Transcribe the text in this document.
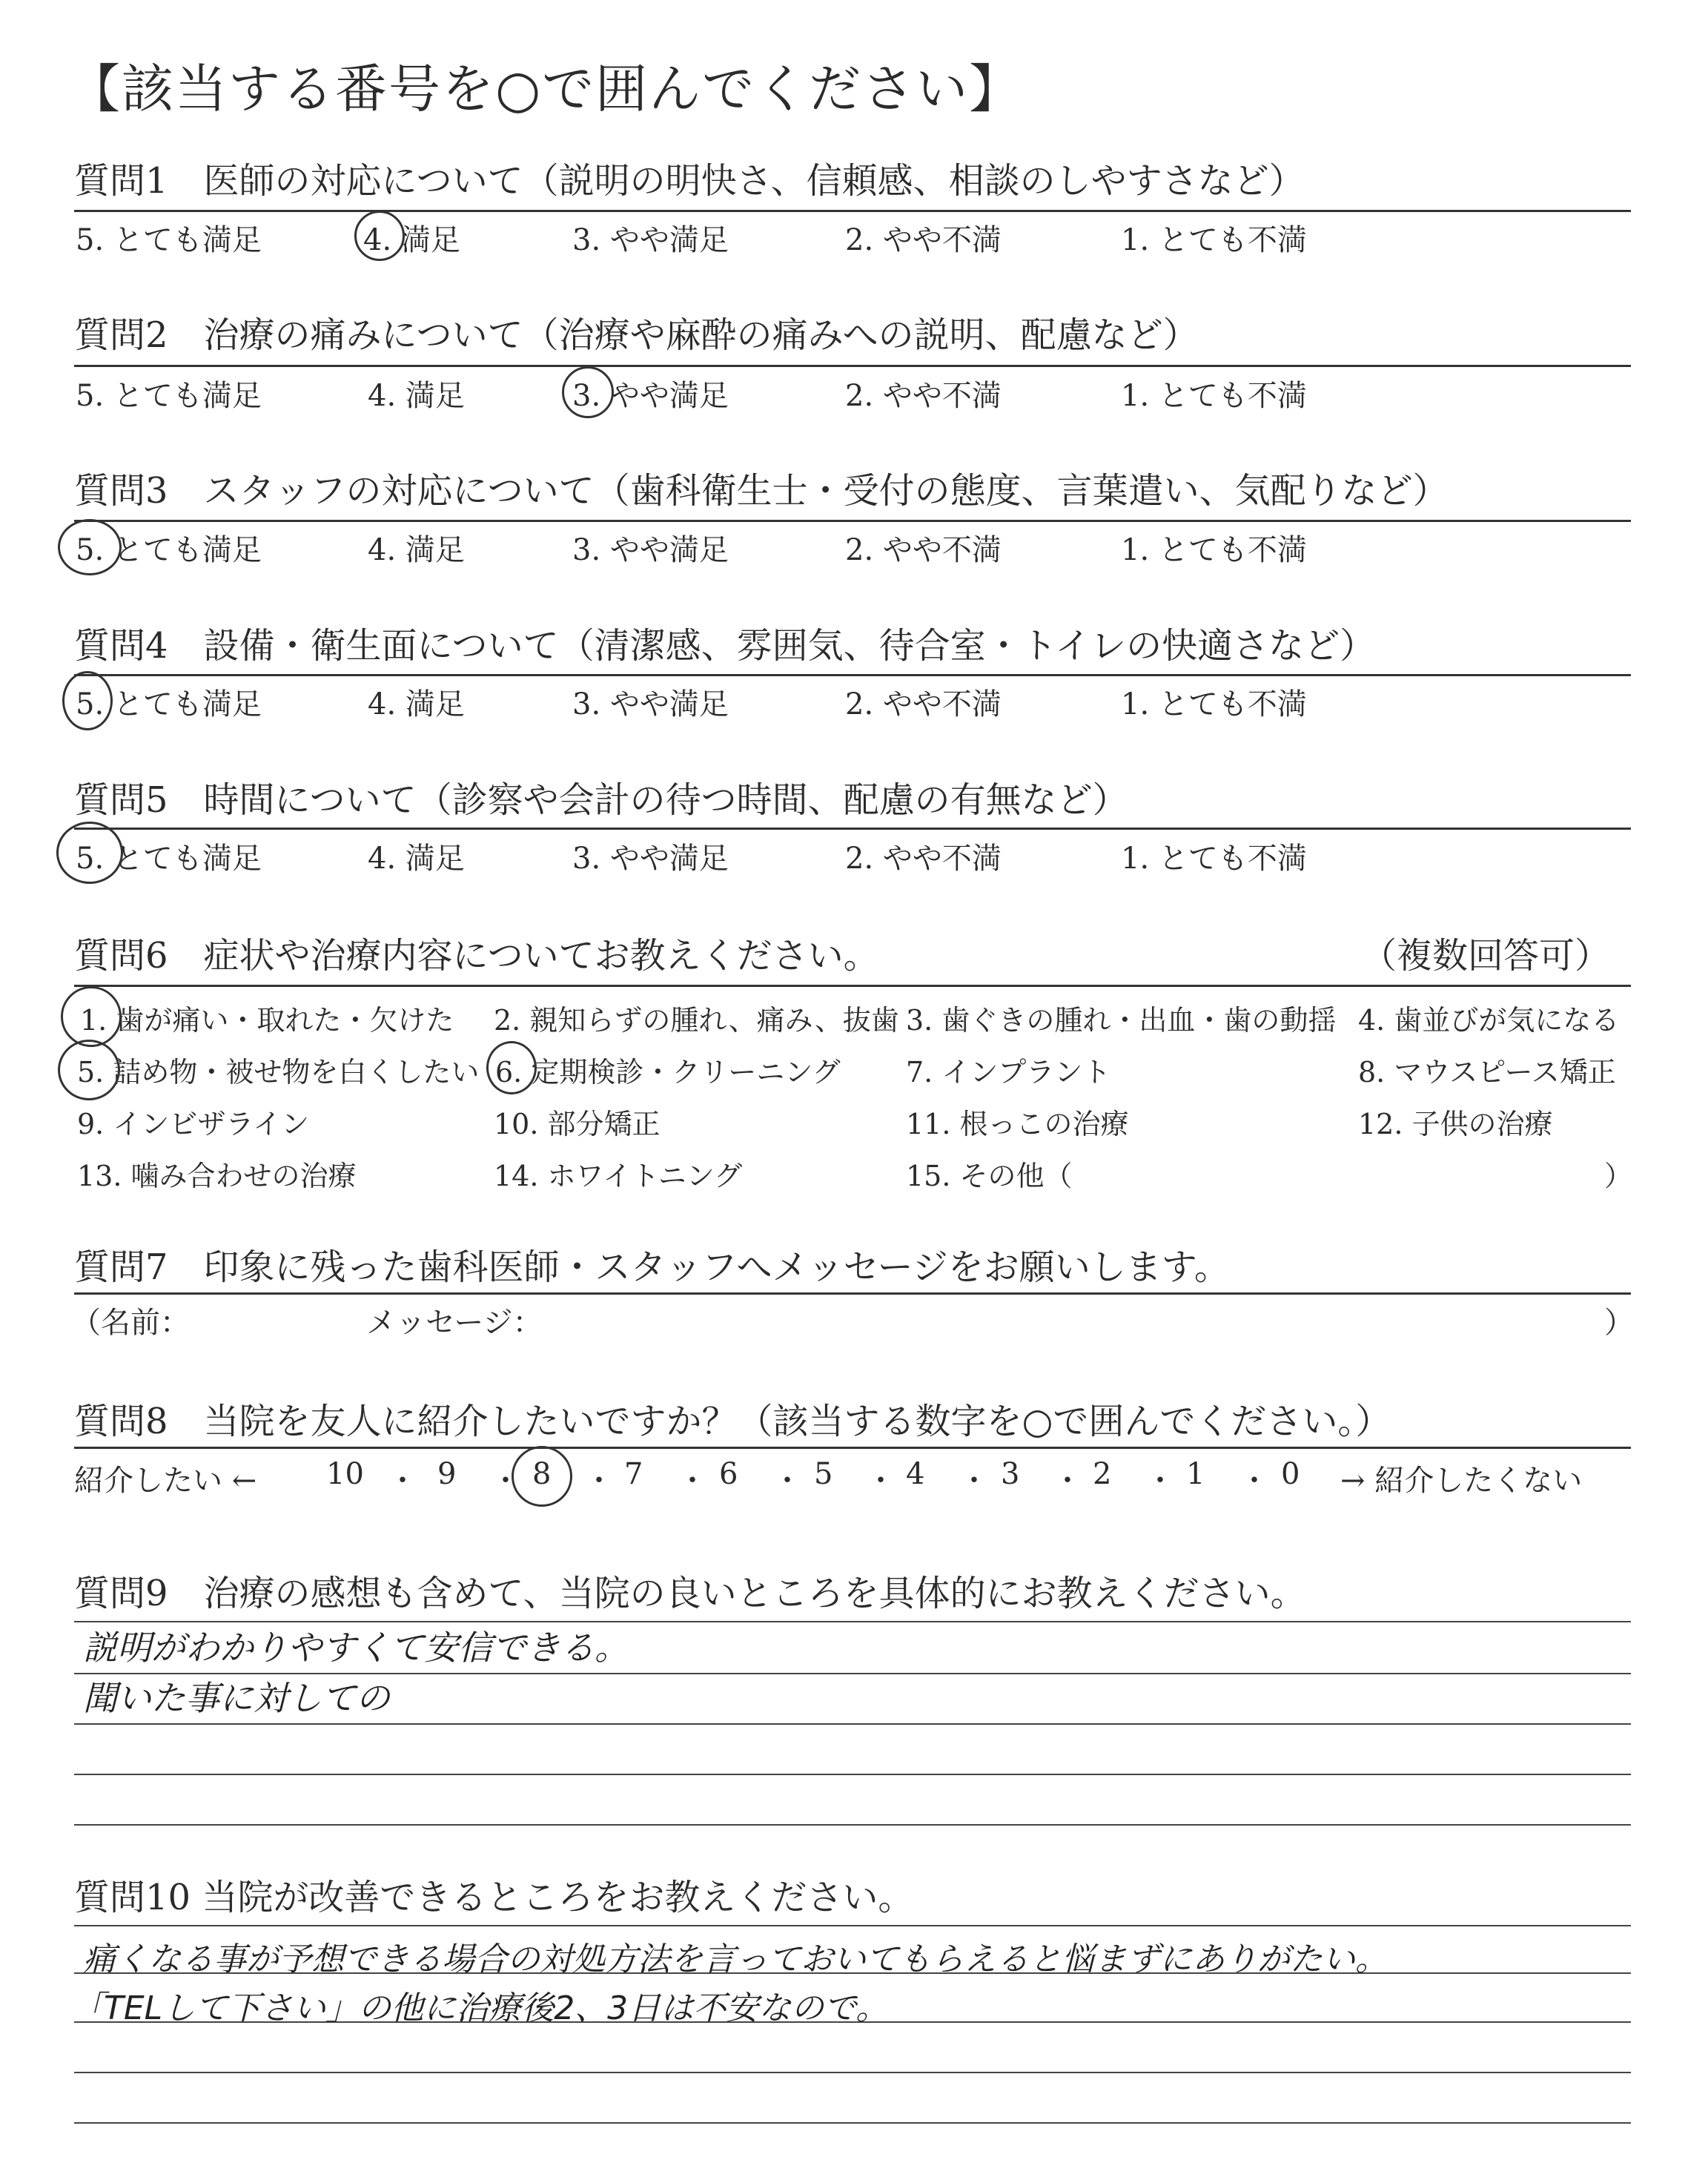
【該当する番号を○で囲んでください】
質問1　医師の対応について（説明の明快さ、信頼感、相談のしやすさなど）
5. とても満足	4. 満足	3. やや満足	2. やや不満	1. とても不満
質問2　治療の痛みについて（治療や麻酔の痛みへの説明、配慮など）
5. とても満足	4. 満足	3. やや満足	2. やや不満	1. とても不満
質問3　スタッフの対応について（歯科衛生士・受付の態度、言葉遣い、気配りなど）
5. とても満足	4. 満足	3. やや満足	2. やや不満	1. とても不満
質問4　設備・衛生面について（清潔感、雰囲気、待合室・トイレの快適さなど）
5. とても満足	4. 満足	3. やや満足	2. やや不満	1. とても不満
質問5　時間について（診察や会計の待つ時間、配慮の有無など）
5. とても満足	4. 満足	3. やや満足	2. やや不満	1. とても不満
質問6　症状や治療内容についてお教えください。	（複数回答可）
1. 歯が痛い・取れた・欠けた 2. 親知らずの腫れ、痛み、抜歯 3. 歯ぐきの腫れ・出血・歯の動揺 4. 歯並びが気になる
5. 詰め物・被せ物を白くしたい 6. 定期検診・クリーニング 7. インプラント	8. マウスピース矯正
9. インビザライン	10. 部分矯正	11. 根っこの治療	12. 子供の治療
13. 噛み合わせの治療	14. ホワイトニング	15. その他（	）
質問7　印象に残った歯科医師・スタッフへメッセージをお願いします。
（名前：	メッセージ：	）
質問8　当院を友人に紹介したいですか？（該当する数字を○で囲んでください。）
紹介したい ← 10 ・ 9 ・ 8 ・ 7 ・ 6 ・ 5 ・ 4 ・ 3 ・ 2 ・ 1 ・ 0 → 紹介したくない
質問9　治療の感想も含めて、当院の良いところを具体的にお教えください。
説明がわかりやすくて安信できる。
聞いた事に対しての
質問10 当院が改善できるところをお教えください。
痛くなる事が予想できる場合の対処方法を言っておいてもらえると悩まずにありがたい。
「TELして下さい」の他に治療後2、3日は不安なので。
